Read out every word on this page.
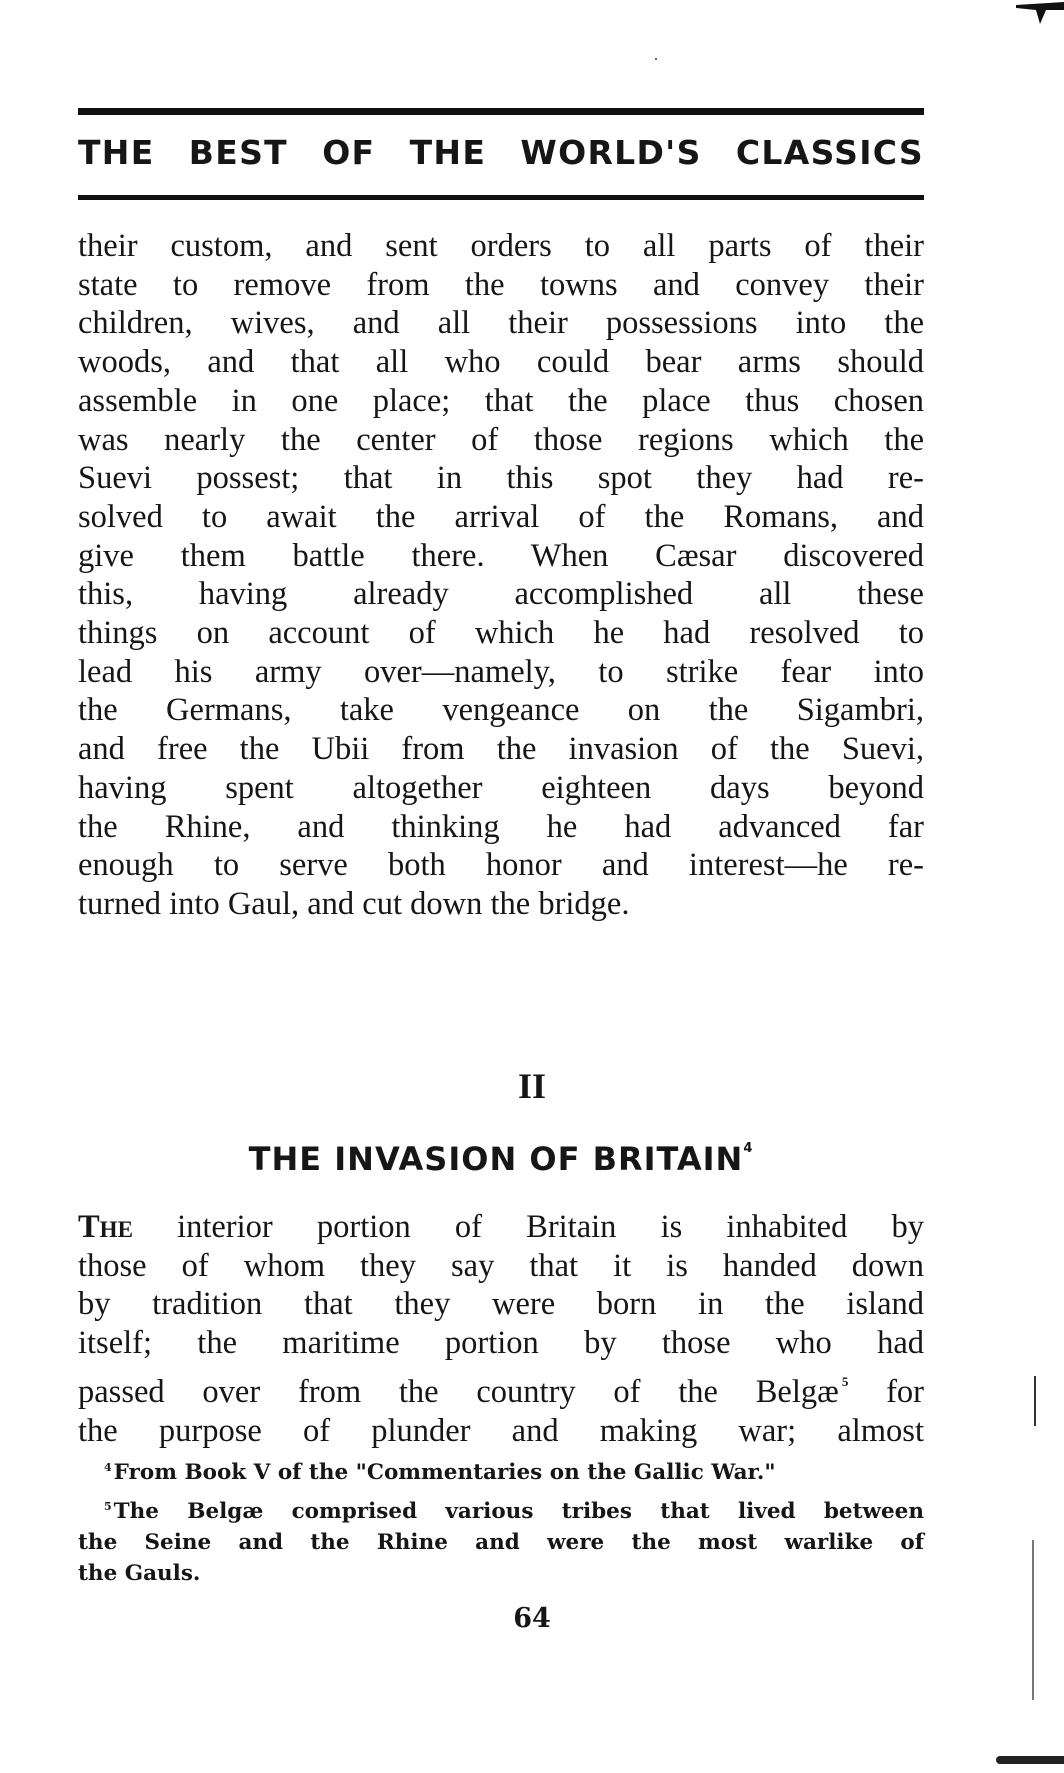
THE BEST OF THE WORLD'S CLASSICS
their custom, and sent orders to all parts of their
state to remove from the towns and convey their
children, wives, and all their possessions into the
woods, and that all who could bear arms should
assemble in one place; that the place thus chosen
was nearly the center of those regions which the
Suevi possest; that in this spot they had re-
solved to await the arrival of the Romans, and
give them battle there. When Cæsar discovered
this, having already accomplished all these
things on account of which he had resolved to
lead his army over—namely, to strike fear into
the Germans, take vengeance on the Sigambri,
and free the Ubii from the invasion of the Suevi,
having spent altogether eighteen days beyond
the Rhine, and thinking he had advanced far
enough to serve both honor and interest—he re-
turned into Gaul, and cut down the bridge.
II
THE INVASION OF BRITAIN$^4$
The interior portion of Britain is inhabited by
those of whom they say that it is handed down
by tradition that they were born in the island
itself; the maritime portion by those who had
passed over from the country of the Belgæ $^5$ for
the purpose of plunder and making war; almost
$^4$From Book V of the "Commentaries on the Gallic War."
$^5$The Belgæ comprised various tribes that lived between
the Seine and the Rhine and were the most warlike of
the Gauls.
64
